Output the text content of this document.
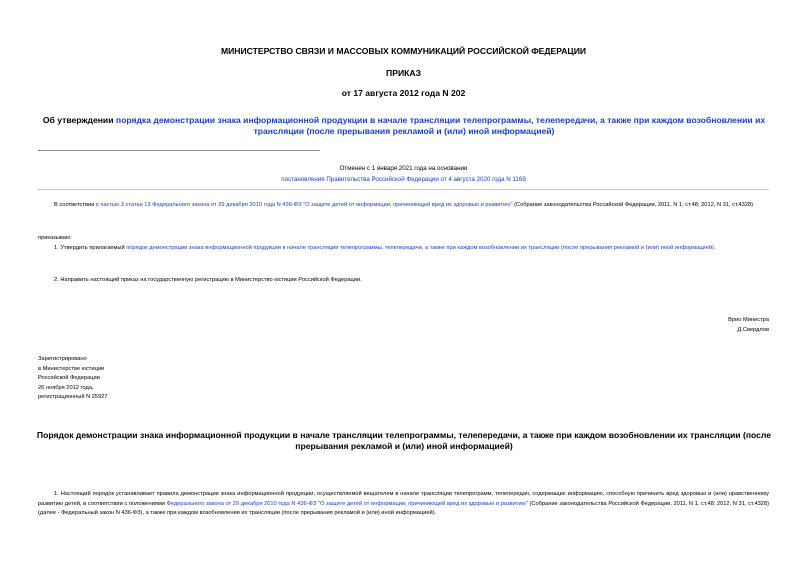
МИНИСТЕРСТВО СВЯЗИ И МАССОВЫХ КОММУНИКАЦИЙ РОССИЙСКОЙ ФЕДЕРАЦИИ
ПРИКАЗ
от 17 августа 2012 года N 202
Об утверждении порядка демонстрации знака информационной продукции в начале трансляции телепрограммы, телепередачи, а также при каждом возобновлении их трансляции (после прерывания рекламой и (или) иной информацией)
Отменен с 1 января 2021 года на основании
постановления Правительства Российской Федерации от 4 августа 2020 года N 1169
В соответствии с частью 3 статьи 13 Федерального закона от 29 декабря 2010 года N 436-ФЗ "О защите детей от информации, причиняющей вред их здоровью и развитию" (Собрание законодательства Российской Федерации, 2011, N 1, ст.48; 2012, N 31, ст.4328)
приказываю:
1. Утвердить прилагаемый порядок демонстрации знака информационной продукции в начале трансляции телепрограммы, телепередачи, а также при каждом возобновлении их трансляции (после прерывания рекламой и (или) иной информацией).
2. Направить настоящий приказ на государственную регистрацию в Министерство юстиции Российской Федерации.
Врио Министра
Д.Свердлов
Зарегистрировано
в Министерстве юстиции
Российской Федерации
26 ноября 2012 года,
регистрационный N 25927
Порядок демонстрации знака информационной продукции в начале трансляции телепрограммы, телепередачи, а также при каждом возобновлении их трансляции (после прерывания рекламой и (или) иной информацией)
1. Настоящий порядок устанавливает правила демонстрации знака информационной продукции, осуществляемой вещателем в начале трансляции телепрограмм, телепередач, содержащих информацию, способную причинить вред здоровью и (или) нравственному развитию детей, в соответствии с положениями Федерального закона от 29 декабря 2010 года N 436-ФЗ "О защите детей от информации, причиняющей вред их здоровью и развитию" (Собрание законодательства Российской Федерации, 2011, N 1, ст.48; 2012, N 31, ст.4328) (далее - Федеральный закон N 436-ФЗ), а также при каждом возобновлении их трансляции (после прерывания рекламой и (или) иной информацией).
